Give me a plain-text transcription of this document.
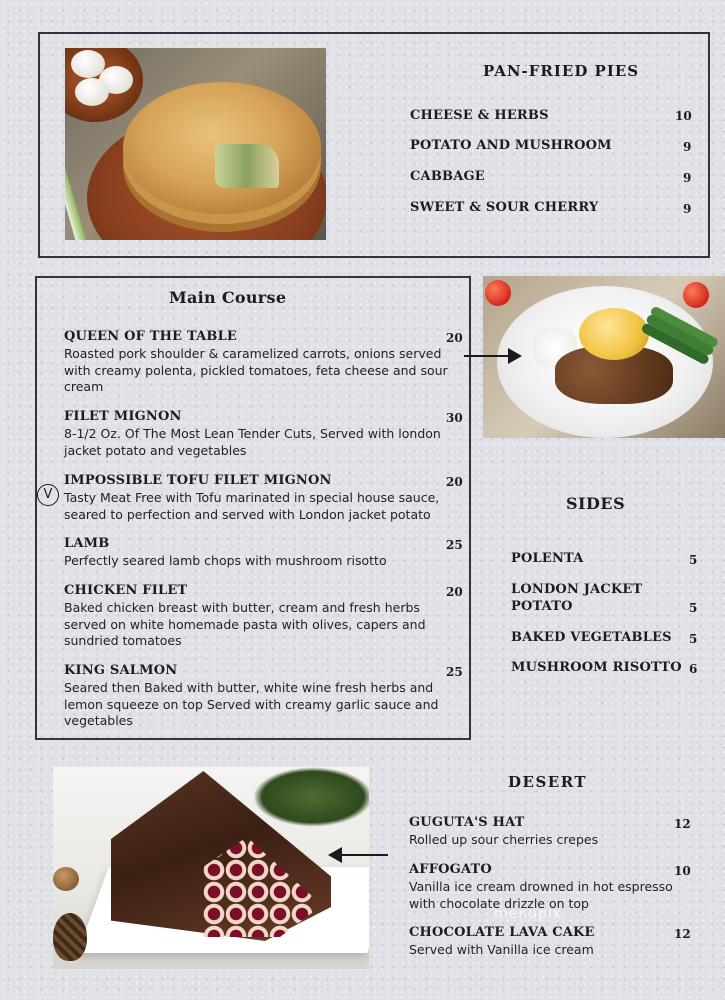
PAN-FRIED PIES
CHEESE & HERBS	10
POTATO AND MUSHROOM	9
CABBAGE	9
SWEET & SOUR CHERRY	9
Main Course
QUEEN OF THE TABLE	20
Roasted pork shoulder & caramelized carrots, onions served with creamy polenta, pickled tomatoes, feta cheese and sour cream
FILET MIGNON	30
8-1/2 Oz. Of The Most Lean Tender Cuts, Served with london jacket potato and vegetables
V
IMPOSSIBLE TOFU FILET MIGNON	20
Tasty Meat Free with Tofu marinated in special house sauce, seared to perfection and served with London jacket potato
LAMB	25
Perfectly seared lamb chops with mushroom risotto
CHICKEN FILET	20
Baked chicken breast with butter, cream and fresh herbs served on white homemade pasta with olives, capers and sundried tomatoes
KING SALMON	25
Seared then Baked with butter, white wine fresh herbs and lemon squeeze on top Served with creamy garlic sauce and vegetables
SIDES
POLENTA	5
LONDON JACKET
POTATO	5
BAKED VEGETABLES 5
MUSHROOM RISOTTO 6
DESERT
GUGUTA'S HAT	12
Rolled up sour cherries crepes
AFFOGATO	10
Vanilla ice cream drowned in hot espresso with chocolate drizzle on top
CHOCOLATE LAVA CAKE	12
Served with Vanilla ice cream
menupix
